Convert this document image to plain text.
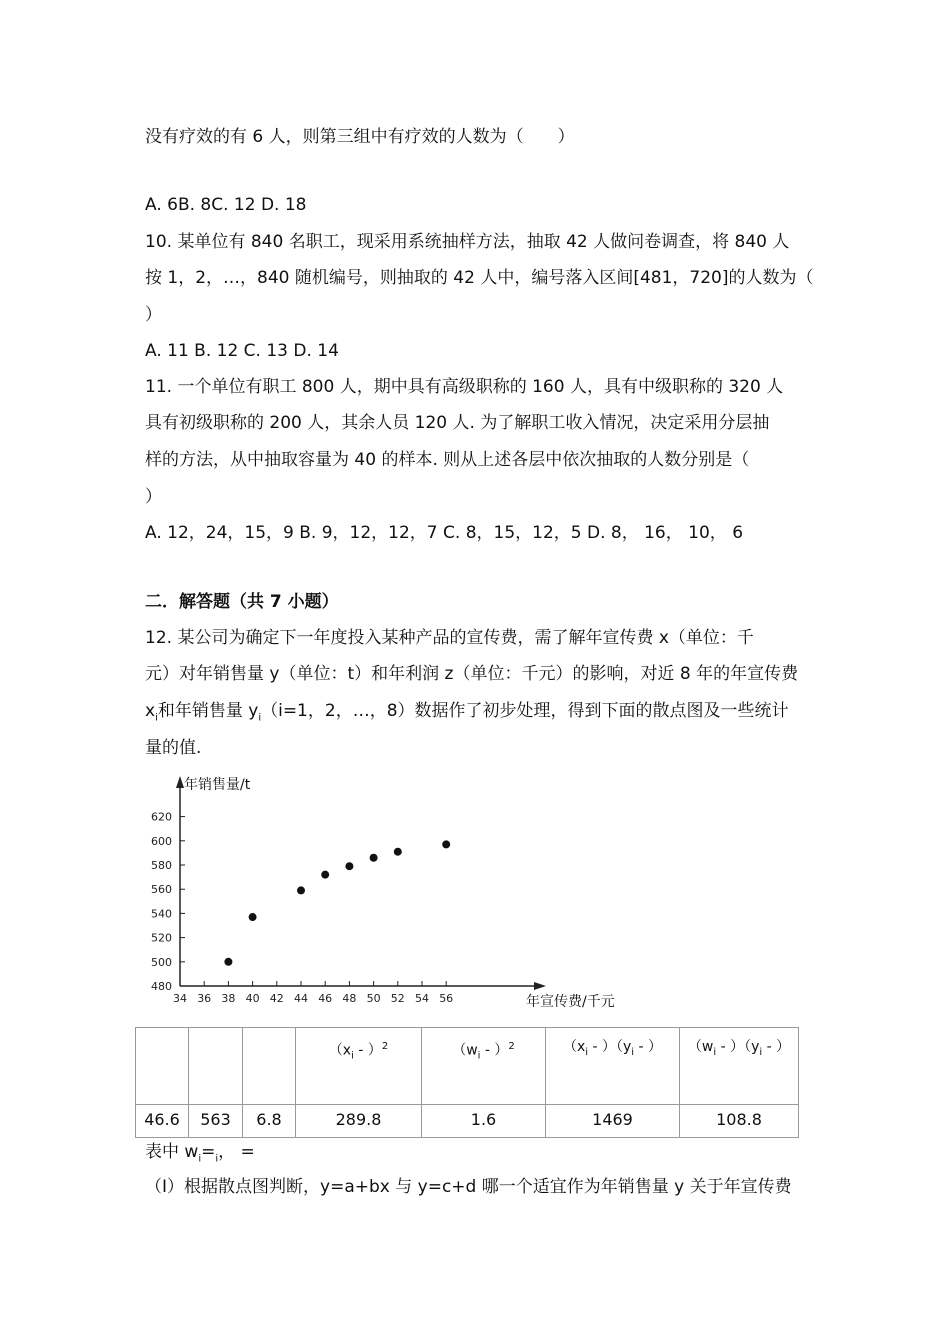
没有疗效的有 6 人，则第三组中有疗效的人数为（　　）
A. 6B. 8C. 12 D. 18
10. 某单位有 840 名职工，现采用系统抽样方法，抽取 42 人做问卷调查，将 840 人
按 1，2，…，840 随机编号，则抽取的 42 人中，编号落入区间[481，720]的人数为（
）
A. 11 B. 12 C. 13 D. 14
11. 一个单位有职工 800 人，期中具有高级职称的 160 人，具有中级职称的 320 人
具有初级职称的 200 人，其余人员 120 人. 为了解职工收入情况，决定采用分层抽
样的方法，从中抽取容量为 40 的样本. 则从上述各层中依次抽取的人数分别是（
）
A. 12，24，15，9 B. 9，12，12，7 C. 8，15，12，5 D. 8， 16， 10， 6
二．解答题（共 7 小题）
12. 某公司为确定下一年度投入某种产品的宣传费，需了解年宣传费 x（单位：千
元）对年销售量 y（单位：t）和年利润 z（单位：千元）的影响，对近 8 年的年宣传费
$x_i$和年销售量 $y_i(i=1$，2，…，8）数据作了初步处理，得到下面的散点图及一些统计
量的值.
480
500
520
540
560
580
600
620
34 36 38 40 42 44 46 48 50 52 54 56
年销售量/t
年宣传费/千元
			$(x_i - )^2$	$(w_i - )^2$	$(x_i - )(y_i$ - ）	$(w_i - )(y_i$ - ）
46.6	563	6.8	289.8	1.6	1469	108.8
表中 $w_i=_i$， =
（Ⅰ）根据散点图判断，y=a+bx 与 y=c+d 哪一个适宜作为年销售量 y 关于年宣传费
